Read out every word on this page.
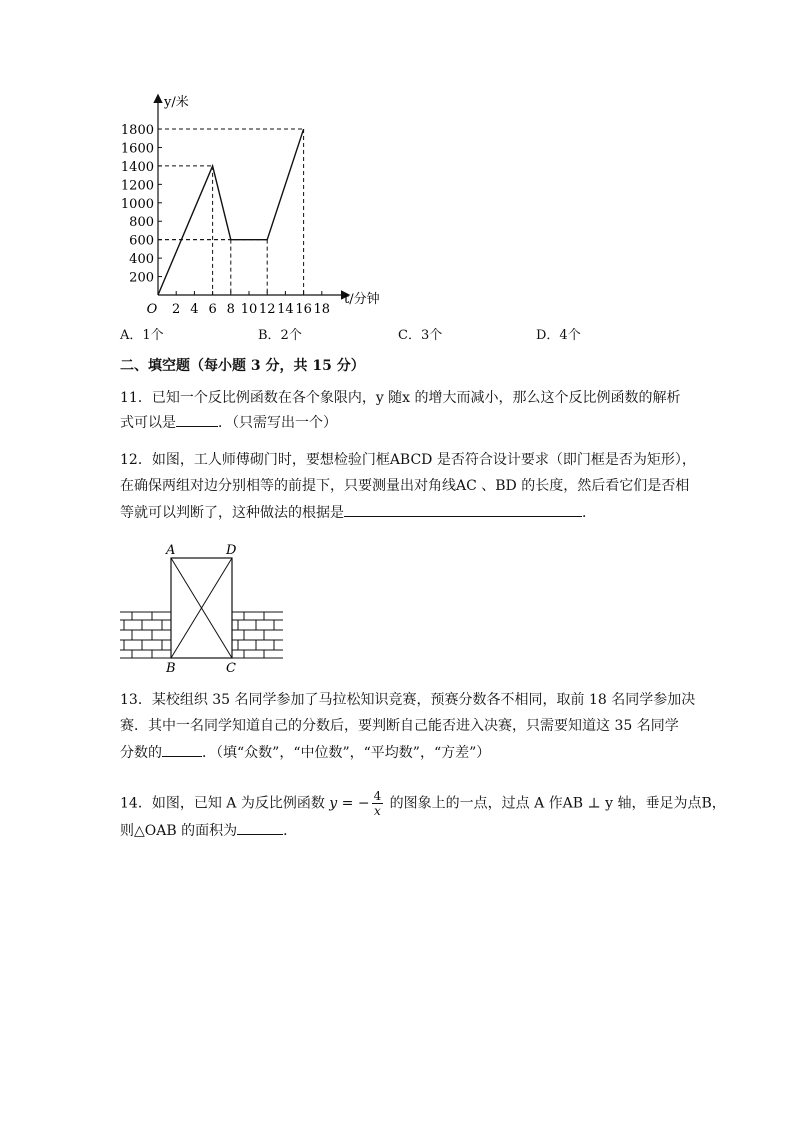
y/米
t/分钟
200
400
600
800
1000
1200
1400
1600
1800
O 2 4 6 8 10 12 14 16 18
A．1个	B．2个	C．3个	D．4个
二、填空题（每小题 3 分，共 15 分）
11．已知一个反比例函数在各个象限内，y 随x 的增大而减小，那么这个反比例函数的解析
式可以是	．（只需写出一个）
12．如图，工人师傅砌门时，要想检验门框ABCD 是否符合设计要求（即门框是否为矩形），
在确保两组对边分别相等的前提下，只要测量出对角线AC 、BD 的长度，然后看它们是否相
等就可以判断了，这种做法的根据是	．
A	D
B	C
13．某校组织 35 名同学参加了马拉松知识竞赛，预赛分数各不相同，取前 18 名同学参加决
赛．其中一名同学知道自己的分数后，要判断自己能否进入决赛，只需要知道这 35 名同学
分数的	．（填“众数”，“中位数”，“平均数”，“方差”）
14．如图，已知 A 为反比例函数 y = − $\frac{4}{x}$ 的图象上的一点，过点 A 作AB ⊥ y 轴，垂足为点B，
则△OAB 的面积为	．
